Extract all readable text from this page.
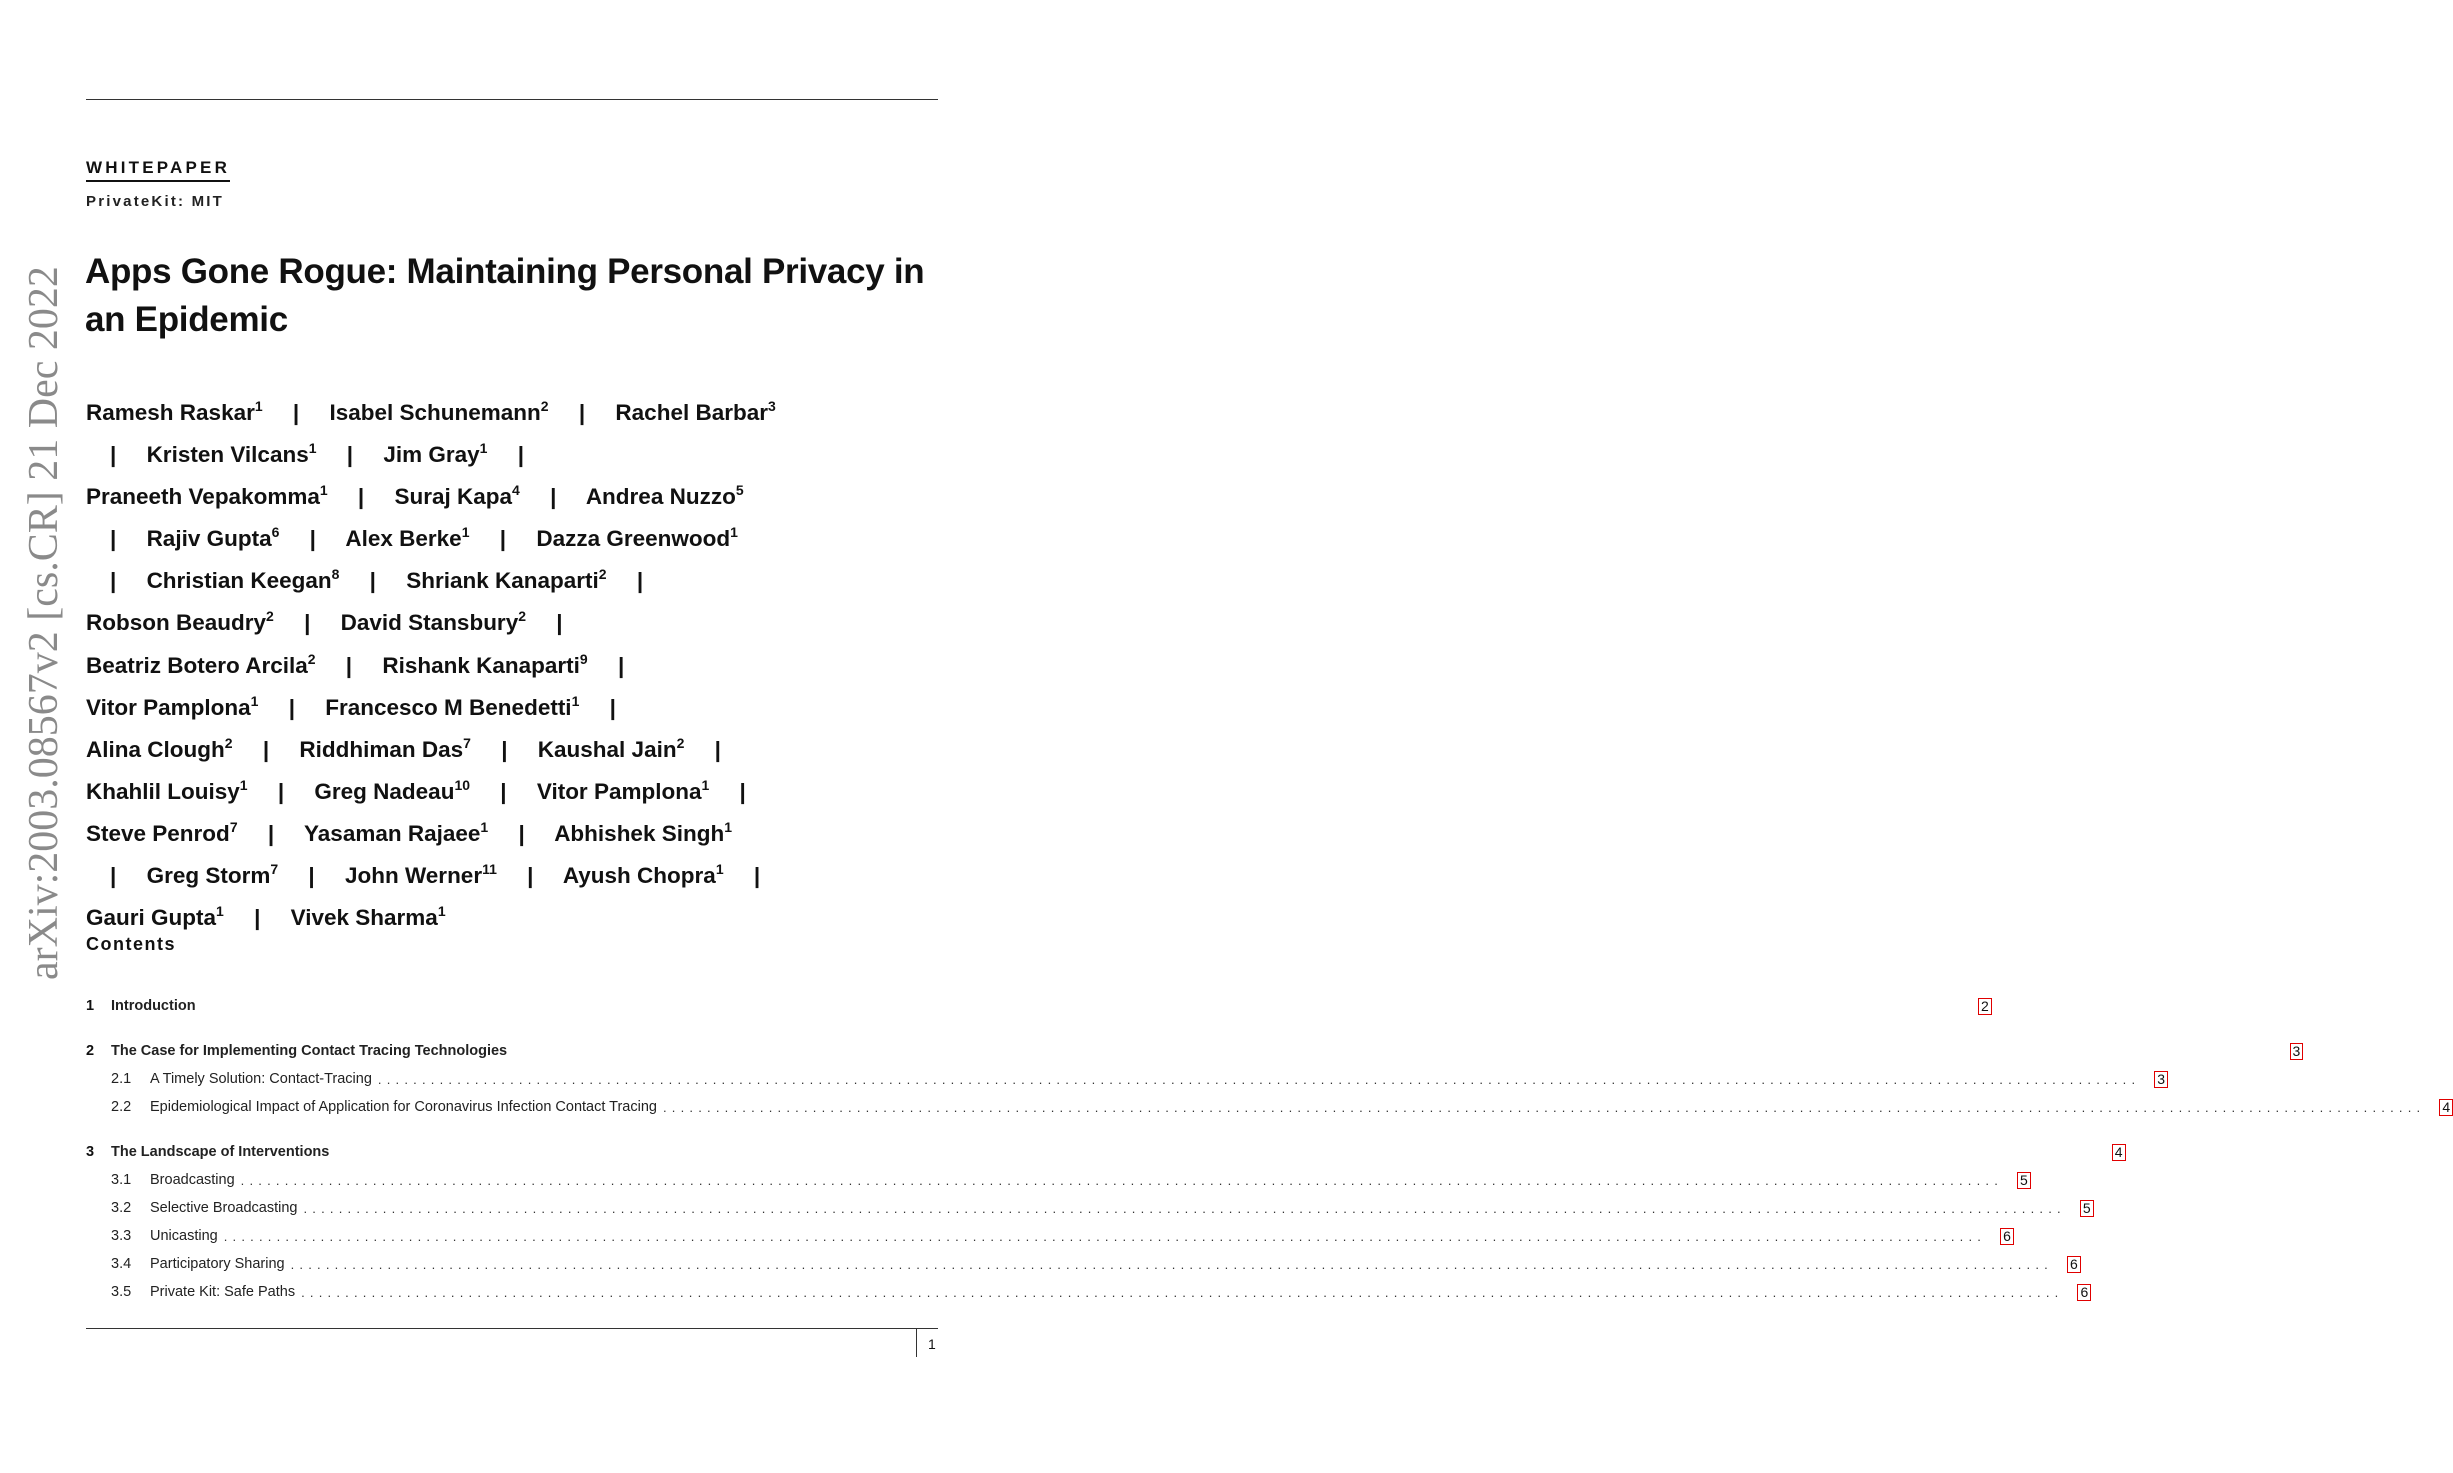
arXiv:2003.08567v2 [cs.CR] 21 Dec 2022
WHITEPAPER
PrivateKit: MIT
Apps Gone Rogue: Maintaining Personal Privacy in an Epidemic
Ramesh Raskar$^1$ | Isabel Schunemann$^2$ | Rachel Barbar$^3$ | Kristen Vilcans$^1$ | Jim Gray$^1$ | Praneeth Vepakomma$^1$ | Suraj Kapa$^4$ | Andrea Nuzzo$^5$ | Rajiv Gupta$^6$ | Alex Berke$^1$ | Dazza Greenwood$^1$ | Christian Keegan$^8$ | Shriank Kanaparti$^2$ | Robson Beaudry$^2$ | David Stansbury$^2$ | Beatriz Botero Arcila$^2$ | Rishank Kanaparti$^9$ | Vitor Pamplona$^1$ | Francesco M Benedetti$^1$ | Alina Clough$^2$ | Riddhiman Das$^7$ | Kaushal Jain$^2$ | Khahlil Louisy$^1$ | Greg Nadeau$^{10}$ | Vitor Pamplona$^1$ | Steve Penrod$^7$ | Yasaman Rajaee$^1$ | Abhishek Singh$^1$ | Greg Storm$^7$ | John Werner$^{11}$ | Ayush Chopra$^1$ | Gauri Gupta$^1$ | Vivek Sharma$^1$
Contents
1	Introduction	2
2	The Case for Implementing Contact Tracing Technologies	3
2.1	A Timely Solution: Contact-Tracing ........................................................................................................................................................................................................ 3
2.2	Epidemiological Impact of Application for Coronavirus Infection Contact Tracing ........................................................................................................................................................................................................ 4
3	The Landscape of Interventions	4
3.1	Broadcasting ........................................................................................................................................................................................................ 5
3.2	Selective Broadcasting ........................................................................................................................................................................................................ 5
3.3	Unicasting ........................................................................................................................................................................................................ 6
3.4	Participatory Sharing ........................................................................................................................................................................................................ 6
3.5	Private Kit: Safe Paths ........................................................................................................................................................................................................ 6
1
